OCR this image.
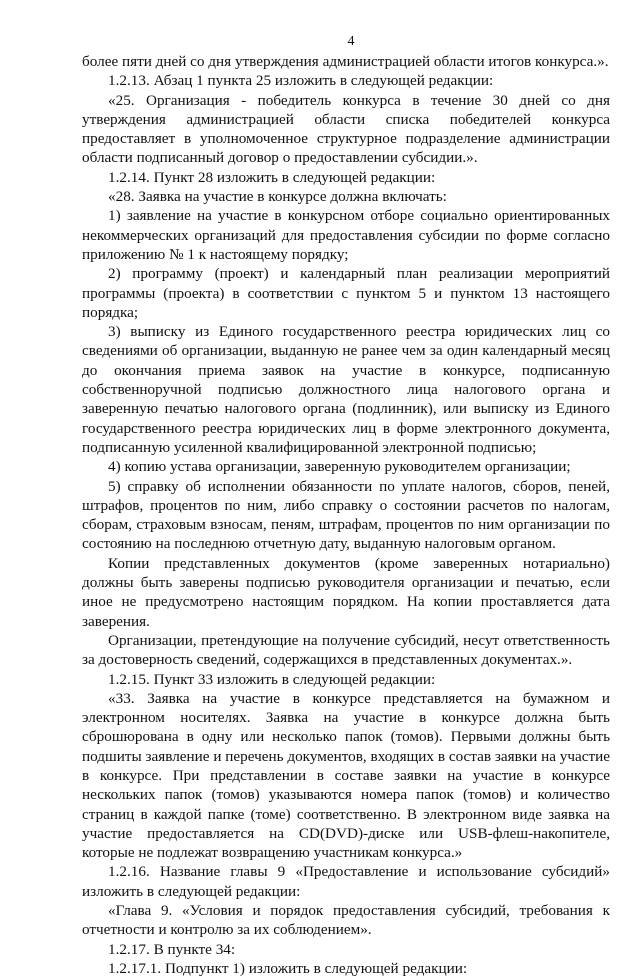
4

более пяти дней со дня утверждения администрацией области итогов конкурса.».

1.2.13. Абзац 1 пункта 25 изложить в следующей редакции:

«25. Организация - победитель конкурса в течение 30 дней со дня утверждения администрацией области списка победителей конкурса предоставляет в уполномоченное структурное подразделение администрации области подписанный договор о предоставлении субсидии.».

1.2.14. Пункт 28 изложить в следующей редакции:

«28. Заявка на участие в конкурсе должна включать:

1) заявление на участие в конкурсном отборе социально ориентированных некоммерческих организаций для предоставления субсидии по форме согласно приложению № 1 к настоящему порядку;

2) программу (проект) и календарный план реализации мероприятий программы (проекта) в соответствии с пунктом 5 и пунктом 13 настоящего порядка;

3) выписку из Единого государственного реестра юридических лиц со сведениями об организации, выданную не ранее чем за один календарный месяц до окончания приема заявок на участие в конкурсе, подписанную собственноручной подписью должностного лица налогового органа и заверенную печатью налогового органа (подлинник), или выписку из Единого государственного реестра юридических лиц в форме электронного документа, подписанную усиленной квалифицированной электронной подписью;

4) копию устава организации, заверенную руководителем организации;

5) справку об исполнении обязанности по уплате налогов, сборов, пеней, штрафов, процентов по ним, либо справку о состоянии расчетов по налогам, сборам, страховым взносам, пеням, штрафам, процентов по ним организации по состоянию на последнюю отчетную дату, выданную налоговым органом.

Копии представленных документов (кроме заверенных нотариально) должны быть заверены подписью руководителя организации и печатью, если иное не предусмотрено настоящим порядком. На копии проставляется дата заверения.

Организации, претендующие на получение субсидий, несут ответственность за достоверность сведений, содержащихся в представленных документах.».

1.2.15. Пункт 33 изложить в следующей редакции:

«33. Заявка на участие в конкурсе представляется на бумажном и электронном носителях. Заявка на участие в конкурсе должна быть сброшюрована в одну или несколько папок (томов). Первыми должны быть подшиты заявление и перечень документов, входящих в состав заявки на участие в конкурсе. При представлении в составе заявки на участие в конкурсе нескольких папок (томов) указываются номера папок (томов) и количество страниц в каждой папке (томе) соответственно. В электронном виде заявка на участие предоставляется на CD(DVD)-диске или USB-флеш-накопителе, которые не подлежат возвращению участникам конкурса.»

1.2.16. Название главы 9 «Предоставление и использование субсидий» изложить в следующей редакции:

«Глава 9. «Условия и порядок предоставления субсидий, требования к отчетности и контролю за их соблюдением».

1.2.17. В пункте 34:

1.2.17.1. Подпункт 1) изложить в следующей редакции:
